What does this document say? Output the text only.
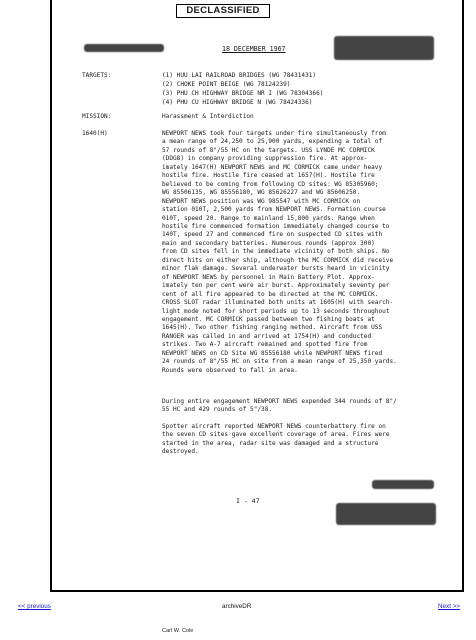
DECLASSIFIED
18 DECEMBER 1967
TARGETS:	(1) HUU LAI RAILROAD BRIDGES (WG 78431431)
(2) CHOKE POINT BEIGE (WG 78124239)
(3) PHU CH HIGHWAY BRIDGE NR I (WG 78304366)
(4) PHU CU HIGHWAY BRIDGE N (WG 78424336)
MISSION:	Harassment & Interdiction
1640(H)	NEWPORT NEWS took four targets under fire simultaneously from
a mean range of 24,250 to 25,900 yards, expending a total of
57 rounds of 8"/55 HC on the targets. USS LYNDE MC CORMICK
(DDG8) in company providing suppression fire. At approx-
imately 1647(H) NEWPORT NEWS and MC CORMICK came under heavy
hostile fire. Hostile fire ceased at 1657(H). Hostile fire
believed to be coming from following CD sites: WG 85305960;
WG 85506135, WG 85556180, WG 85626227 and WG 85606250.
NEWPORT NEWS position was WG 985547 with MC CORMICK on
station 010T, 2,500 yards from NEWPORT NEWS. Formation course
010T, speed 20. Range to mainland 15,800 yards. Range when
hostile fire commenced formation immediately changed course to
140T, speed 27 and commenced fire on suspected CD sites with
main and secondary batteries. Numerous rounds (approx 300)
from CD sites fell in the immediate vicinity of both ships. No
direct hits on either ship, although the MC CORMICK did receive
minor flak damage. Several underwater bursts heard in vicinity
of NEWPORT NEWS by personnel in Main Battery Plot. Approx-
imately ten per cent were air burst. Approximately seventy per
cent of all fire appeared to be directed at the MC CORMICK.
CROSS SLOT radar illuminated both units at 1605(H) with search-
light mode noted for short periods up to 13 seconds throughout
engagement. MC CORMICK passed between two fishing boats at
1645(H). Two other fishing ranging method. Aircraft from USS
RANGER was called in and arrived at 1754(H) and conducted
strikes. Two A-7 aircraft remained and spotted fire from
NEWPORT NEWS on CD Site WG 85556180 while NEWPORT NEWS fired
24 rounds of 8"/55 HC on site from a mean range of 25,350 yards.
Rounds were observed to fall in area.
During entire engagement NEWPORT NEWS expended 344 rounds of 8"/
55 HC and 429 rounds of 5"/38.
Spotter aircraft reported NEWPORT NEWS counterbattery fire on
the seven CD sites gave excellent coverage of area. Fires were
started in the area, radar site was damaged and a structure
destroyed.
I - 47
<< previous	archiveDR	Next >>
Carl W. Cole
